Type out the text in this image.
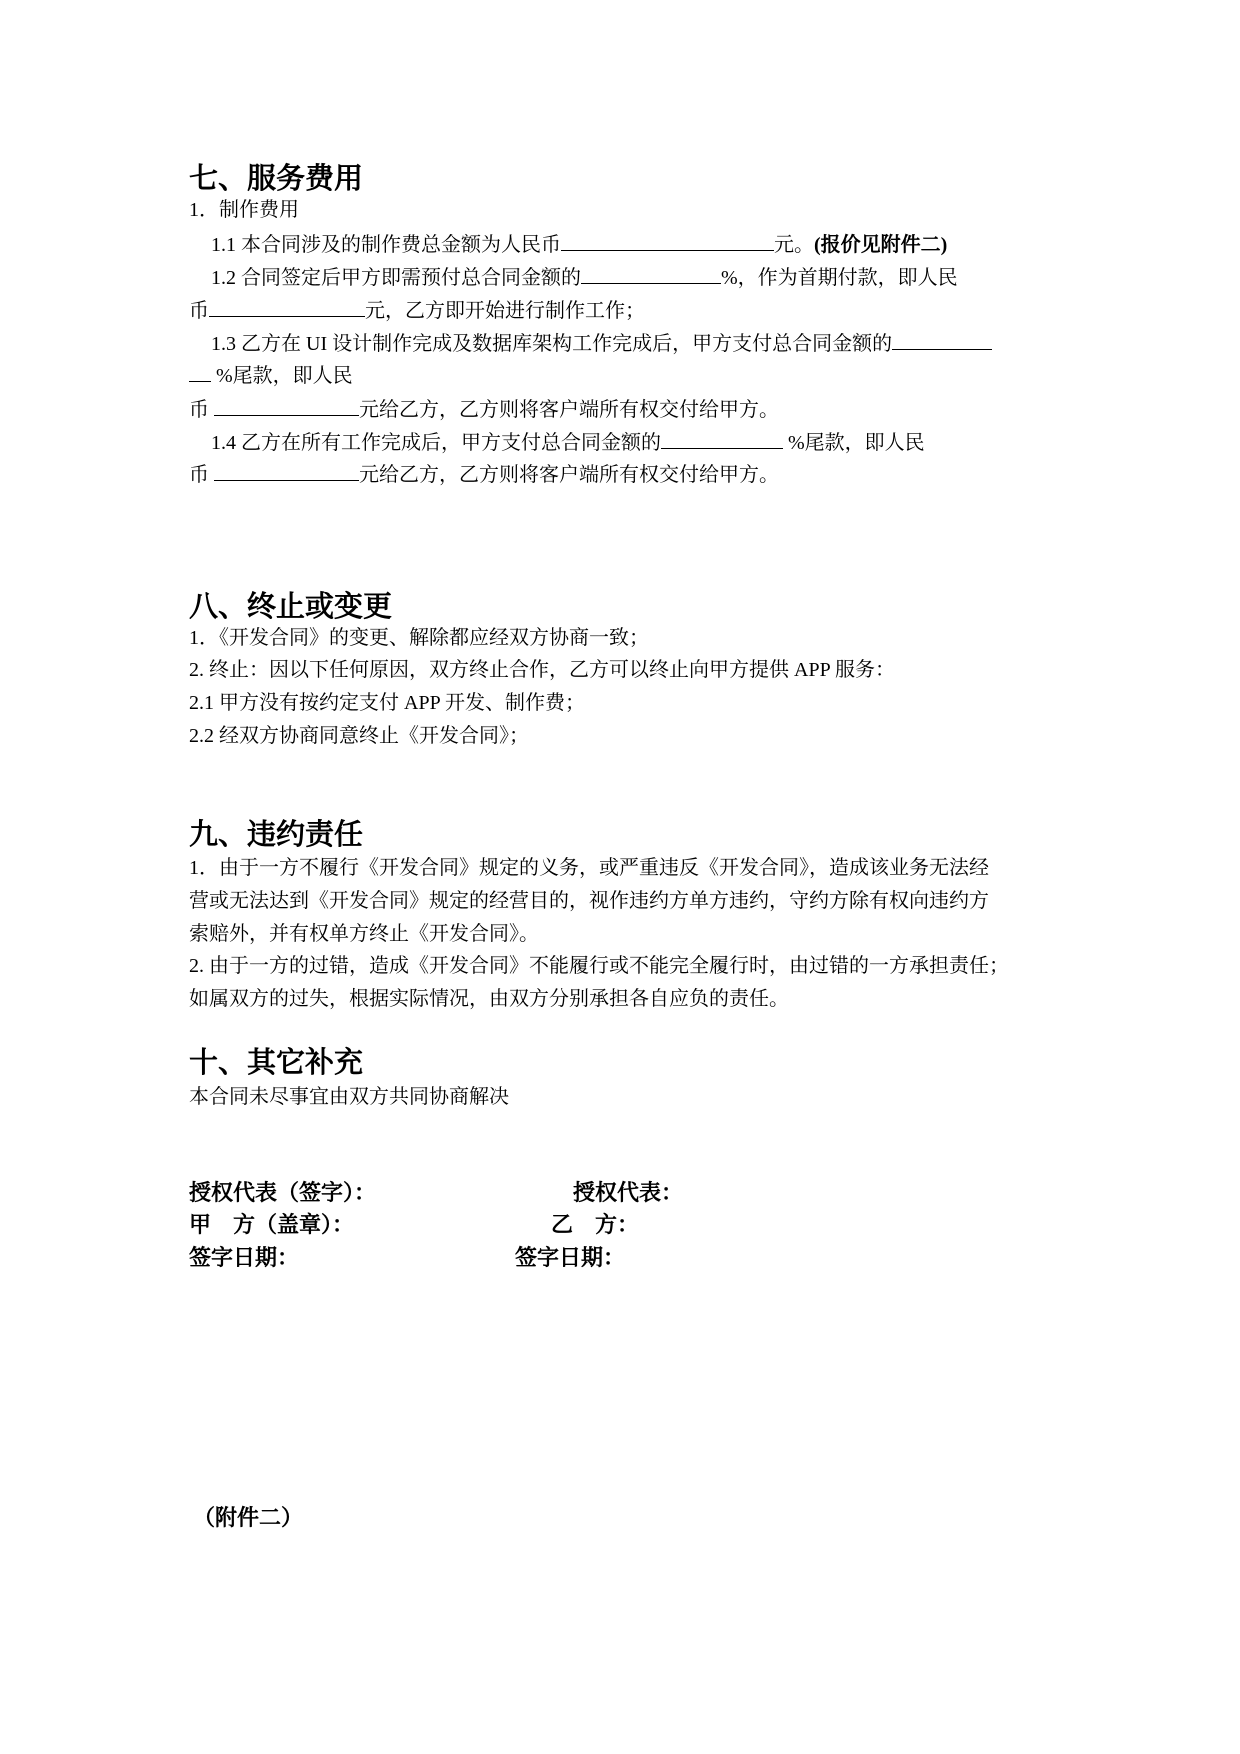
七、服务费用
1．制作费用
1.1 本合同涉及的制作费总金额为人民币	元。(报价见附件二)
1.2 合同签定后甲方即需预付总合同金额的	%，作为首期付款，即人民
币	元，乙方即开始进行制作工作；
1.3 乙方在 UI 设计制作完成及数据库架构工作完成后，甲方支付总合同金额的
%尾款，即人民
币	元给乙方，乙方则将客户端所有权交付给甲方。
1.4 乙方在所有工作完成后，甲方支付总合同金额的	%尾款，即人民
币	元给乙方，乙方则将客户端所有权交付给甲方。
八、终止或变更
1．《开发合同》的变更、解除都应经双方协商一致；
2. 终止：因以下任何原因，双方终止合作，乙方可以终止向甲方提供 APP 服务：
2.1 甲方没有按约定支付 APP 开发、制作费；
2.2 经双方协商同意终止《开发合同》；
九、违约责任
1．由于一方不履行《开发合同》规定的义务，或严重违反《开发合同》，造成该业务无法经
营或无法达到《开发合同》规定的经营目的，视作违约方单方违约，守约方除有权向违约方
索赔外，并有权单方终止《开发合同》。
2. 由于一方的过错，造成《开发合同》不能履行或不能完全履行时，由过错的一方承担责任；
如属双方的过失，根据实际情况，由双方分别承担各自应负的责任。
十、其它补充
本合同未尽事宜由双方共同协商解决
授权代表（签字）：	授权代表：
甲　方（盖章）：	乙　方：
签字日期：	签字日期：
（附件二）
